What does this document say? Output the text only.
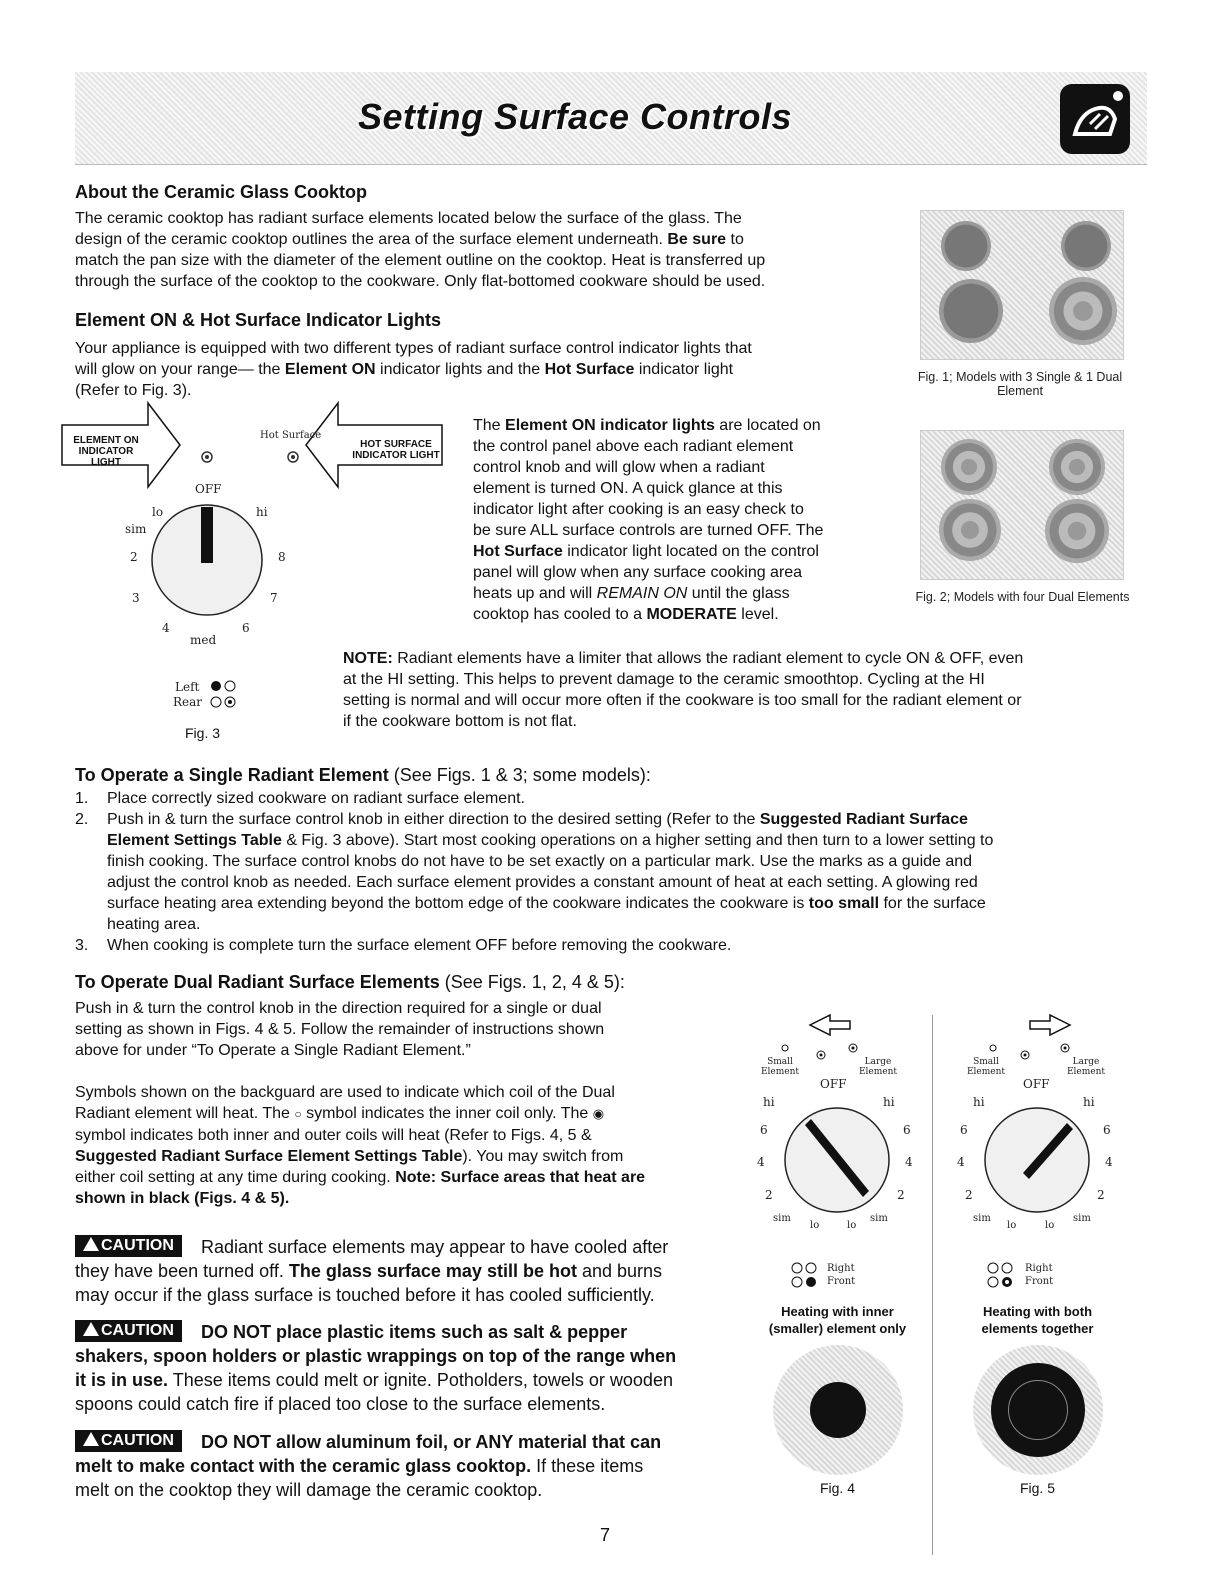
Setting Surface Controls
About the Ceramic Glass Cooktop
The ceramic cooktop has radiant surface elements located below the surface of the glass. The
design of the ceramic cooktop outlines the area of the surface element underneath. Be sure to
match the pan size with the diameter of the element outline on the cooktop. Heat is transferred up
through the surface of the cooktop to the cookware. Only flat-bottomed cookware should be used.
Element ON & Hot Surface Indicator Lights
Your appliance is equipped with two different types of radiant surface control indicator lights that
will glow on your range— the Element ON indicator lights and the Hot Surface indicator light
(Refer to Fig. 3).
Fig. 1; Models with 3 Single & 1 Dual Element
Fig. 2; Models with four Dual Elements
ELEMENT ON INDICATOR LIGHT
HOT SURFACE INDICATOR LIGHT
Hot Surface
OFF
lo	hi
sim
2	8
3	7
4	6
med
Left
Rear
Fig. 3
The Element ON indicator lights are located on
the control panel above each radiant element
control knob and will glow when a radiant
element is turned ON. A quick glance at this
indicator light after cooking is an easy check to
be sure ALL surface controls are turned OFF. The
Hot Surface indicator light located on the control
panel will glow when any surface cooking area
heats up and will REMAIN ON until the glass
cooktop has cooled to a MODERATE level.
NOTE: Radiant elements have a limiter that allows the radiant element to cycle ON & OFF, even
at the HI setting. This helps to prevent damage to the ceramic smoothtop. Cycling at the HI
setting is normal and will occur more often if the cookware is too small for the radiant element or
if the cookware bottom is not flat.
To Operate a Single Radiant Element (See Figs. 1 & 3; some models):
1. Place correctly sized cookware on radiant surface element.
2. Push in & turn the surface control knob in either direction to the desired setting (Refer to the Suggested Radiant Surface
Element Settings Table & Fig. 3 above). Start most cooking operations on a higher setting and then turn to a lower setting to
finish cooking. The surface control knobs do not have to be set exactly on a particular mark. Use the marks as a guide and
adjust the control knob as needed. Each surface element provides a constant amount of heat at each setting. A glowing red
surface heating area extending beyond the bottom edge of the cookware indicates the cookware is too small for the surface
heating area.
3. When cooking is complete turn the surface element OFF before removing the cookware.
To Operate Dual Radiant Surface Elements (See Figs. 1, 2, 4 & 5):
Push in & turn the control knob in the direction required for a single or dual
setting as shown in Figs. 4 & 5. Follow the remainder of instructions shown
above for under “To Operate a Single Radiant Element.”
Symbols shown on the backguard are used to indicate which coil of the Dual
Radiant element will heat. The ○ symbol indicates the inner coil only. The ◉
symbol indicates both inner and outer coils will heat (Refer to Figs. 4, 5 &
Suggested Radiant Surface Element Settings Table). You may switch from
either coil setting at any time during cooking. Note: Surface areas that heat are
shown in black (Figs. 4 & 5).
CAUTION	Radiant surface elements may appear to have cooled after
they have been turned off. The glass surface may still be hot and burns
may occur if the glass surface is touched before it has cooled sufficiently.
CAUTION	DO NOT place plastic items such as salt & pepper
shakers, spoon holders or plastic wrappings on top of the range when
it is in use. These items could melt or ignite. Potholders, towels or wooden
spoons could catch fire if placed too close to the surface elements.
CAUTION	DO NOT allow aluminum foil, or ANY material that can
melt to make contact with the ceramic glass cooktop. If these items
melt on the cooktop they will damage the ceramic cooktop.
Small Element
Large Element
OFF
hi	hi
6	6
4	4
2	2
sim	sim
lo	lo
Right
Front
Heating with inner
(smaller) element only
Fig. 4
Small Element
Large Element
OFF
hi	hi
6	6
4	4
2	2
sim	sim
lo	lo
Right
Front
Heating with both
elements together
Fig. 5
7
